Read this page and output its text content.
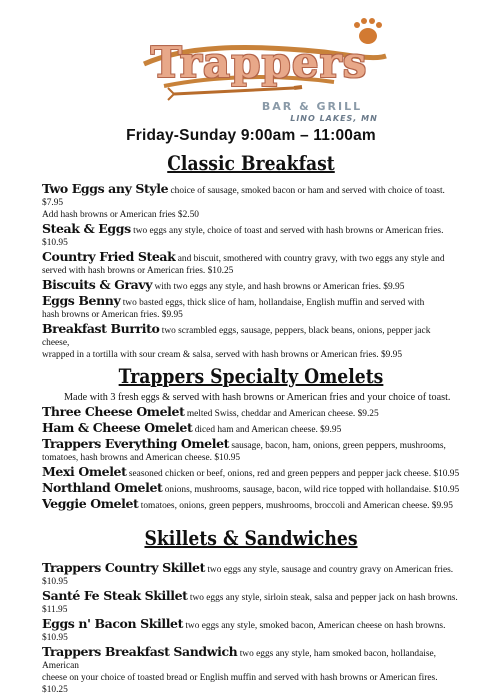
Trappers
BAR & GRILL
LINO LAKES, MN
Friday-Sunday 9:00am – 11:00am
Classic Breakfast
Two Eggs any Style choice of sausage, smoked bacon or ham and served with choice of toast. $7.95
Add hash browns or American fries $2.50
Steak & Eggs two eggs any style, choice of toast and served with hash browns or American fries. $10.95
Country Fried Steak and biscuit, smothered with country gravy, with two eggs any style and
served with hash browns or American fries. $10.25
Biscuits & Gravy with two eggs any style, and hash browns or American fries. $9.95
Eggs Benny two basted eggs, thick slice of ham, hollandaise, English muffin and served with
hash browns or American fries. $9.95
Breakfast Burrito two scrambled eggs, sausage, peppers, black beans, onions, pepper jack cheese,
wrapped in a tortilla with sour cream & salsa, served with hash browns or American fries. $9.95
Trappers Specialty Omelets
Made with 3 fresh eggs & served with hash browns or American fries and your choice of toast.
Three Cheese Omelet melted Swiss, cheddar and American cheese. $9.25
Ham & Cheese Omelet diced ham and American cheese. $9.95
Trappers Everything Omelet sausage, bacon, ham, onions, green peppers, mushrooms,
tomatoes, hash browns and American cheese. $10.95
Mexi Omelet seasoned chicken or beef, onions, red and green peppers and pepper jack cheese. $10.95
Northland Omelet onions, mushrooms, sausage, bacon, wild rice topped with hollandaise. $10.95
Veggie Omelet tomatoes, onions, green peppers, mushrooms, broccoli and American cheese. $9.95
Skillets & Sandwiches
Trappers Country Skillet two eggs any style, sausage and country gravy on American fries. $10.95
Santé Fe Steak Skillet two eggs any style, sirloin steak, salsa and pepper jack on hash browns. $11.95
Eggs n' Bacon Skillet two eggs any style, smoked bacon, American cheese on hash browns. $10.95
Trappers Breakfast Sandwich two eggs any style, ham smoked bacon, hollandaise, American
cheese on your choice of toasted bread or English muffin and served with hash browns or American fires. $10.25
